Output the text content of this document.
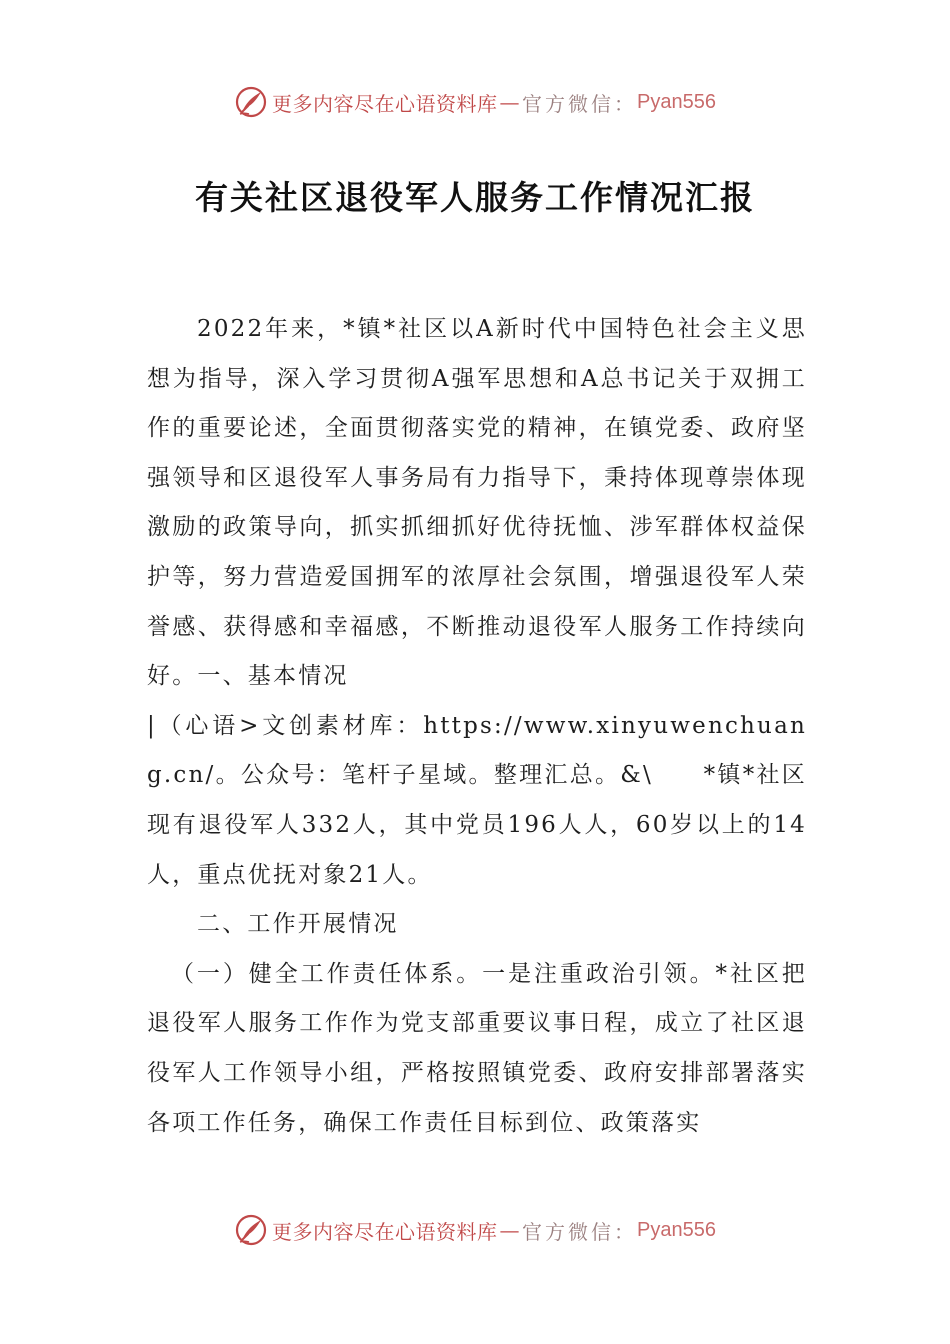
更多内容尽在心语资料库 — 官方微信： Pyan556
有关社区退役军人服务工作情况汇报

2022年来，*镇*社区以A新时代中国特色社会主义思想为指导，深入学习贯彻A强军思想和A总书记关于双拥工作的重要论述，全面贯彻落实党的精神，在镇党委、政府坚强领导和区退役军人事务局有力指导下，秉持体现尊崇体现激励的政策导向，抓实抓细抓好优待抚恤、涉军群体权益保护等，努力营造爱国拥军的浓厚社会氛围，增强退役军人荣誉感、获得感和幸福感，不断推动退役军人服务工作持续向好。一、基本情况

|（心语>文创素材库：https://www.xinyuwenchuang.cn/。公众号：笔杆子星域。整理汇总。&\　　*镇*社区现有退役军人332人，其中党员196人人，60岁以上的14人，重点优抚对象21人。

二、工作开展情况

（一）健全工作责任体系。一是注重政治引领。*社区把退役军人服务工作作为党支部重要议事日程，成立了社区退役军人工作领导小组，严格按照镇党委、政府安排部署落实各项工作任务，确保工作责任目标到位、政策落实

更多内容尽在心语资料库 — 官方微信： Pyan556
